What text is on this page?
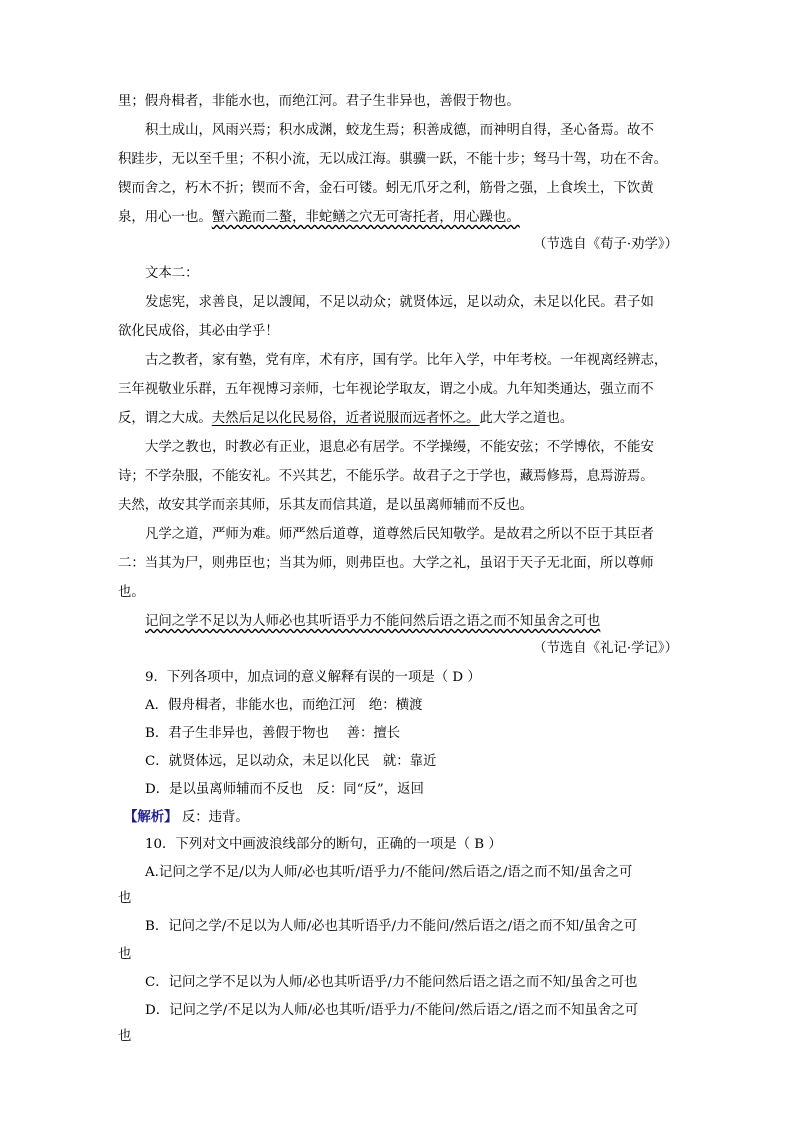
里；假舟楫者，非能水也，而绝江河。君子生非异也，善假于物也。
积土成山，风雨兴焉；积水成渊，蛟龙生焉；积善成德，而神明自得，圣心备焉。故不
积跬步，无以至千里；不积小流，无以成江海。骐骥一跃，不能十步；驽马十驾，功在不舍。
锲而舍之，朽木不折；锲而不舍，金石可镂。蚓无爪牙之利，筋骨之强，上食埃土，下饮黄
泉，用心一也。蟹六跪而二螯，非蛇鳝之穴无可寄托者，用心躁也。
（节选自《荀子·劝学》）
文本二：
发虑宪，求善良，足以謏闻，不足以动众；就贤体远，足以动众，未足以化民。君子如
欲化民成俗，其必由学乎！
古之教者，家有塾，党有庠，术有序，国有学。比年入学，中年考校。一年视离经辨志，
三年视敬业乐群，五年视博习亲师，七年视论学取友，谓之小成。九年知类通达，强立而不
反，谓之大成。夫然后足以化民易俗，近者说服而远者怀之。此大学之道也。
大学之教也，时教必有正业，退息必有居学。不学操缦，不能安弦；不学博依，不能安
诗；不学杂服，不能安礼。不兴其艺，不能乐学。故君子之于学也，藏焉修焉，息焉游焉。
夫然，故安其学而亲其师，乐其友而信其道，是以虽离师辅而不反也。
凡学之道，严师为难。师严然后道尊，道尊然后民知敬学。是故君之所以不臣于其臣者
二：当其为尸，则弗臣也；当其为师，则弗臣也。大学之礼，虽诏于天子无北面，所以尊师
也。
记问之学不足以为人师必也其听语乎力不能问然后语之语之而不知虽舍之可也
（节选自《礼记·学记》）
9．下列各项中，加点词的意义解释有误的一项是（ D ）
A．假舟楫者，非能水也，而绝江河　绝：横渡
B．君子生非异也，善假于物也　 善：擅长
C．就贤体远，足以动众，未足以化民　就：靠近
D．是以虽离师辅而不反也　反：同“反”，返回
【解析】 反：违背。
10．下列对文中画波浪线部分的断句，正确的一项是（ B ）
A.记问之学不足/以为人师/必也其听/语乎力/不能问/然后语之/语之而不知/虽舍之可
也
B．记问之学/不足以为人师/必也其听语乎/力不能问/然后语之/语之而不知/虽舍之可
也
C．记问之学不足以为人师/必也其听语乎/力不能问然后语之语之而不知/虽舍之可也
D．记问之学/不足以为人师/必也其听/语乎力/不能问/然后语之/语之而不知虽舍之可
也
